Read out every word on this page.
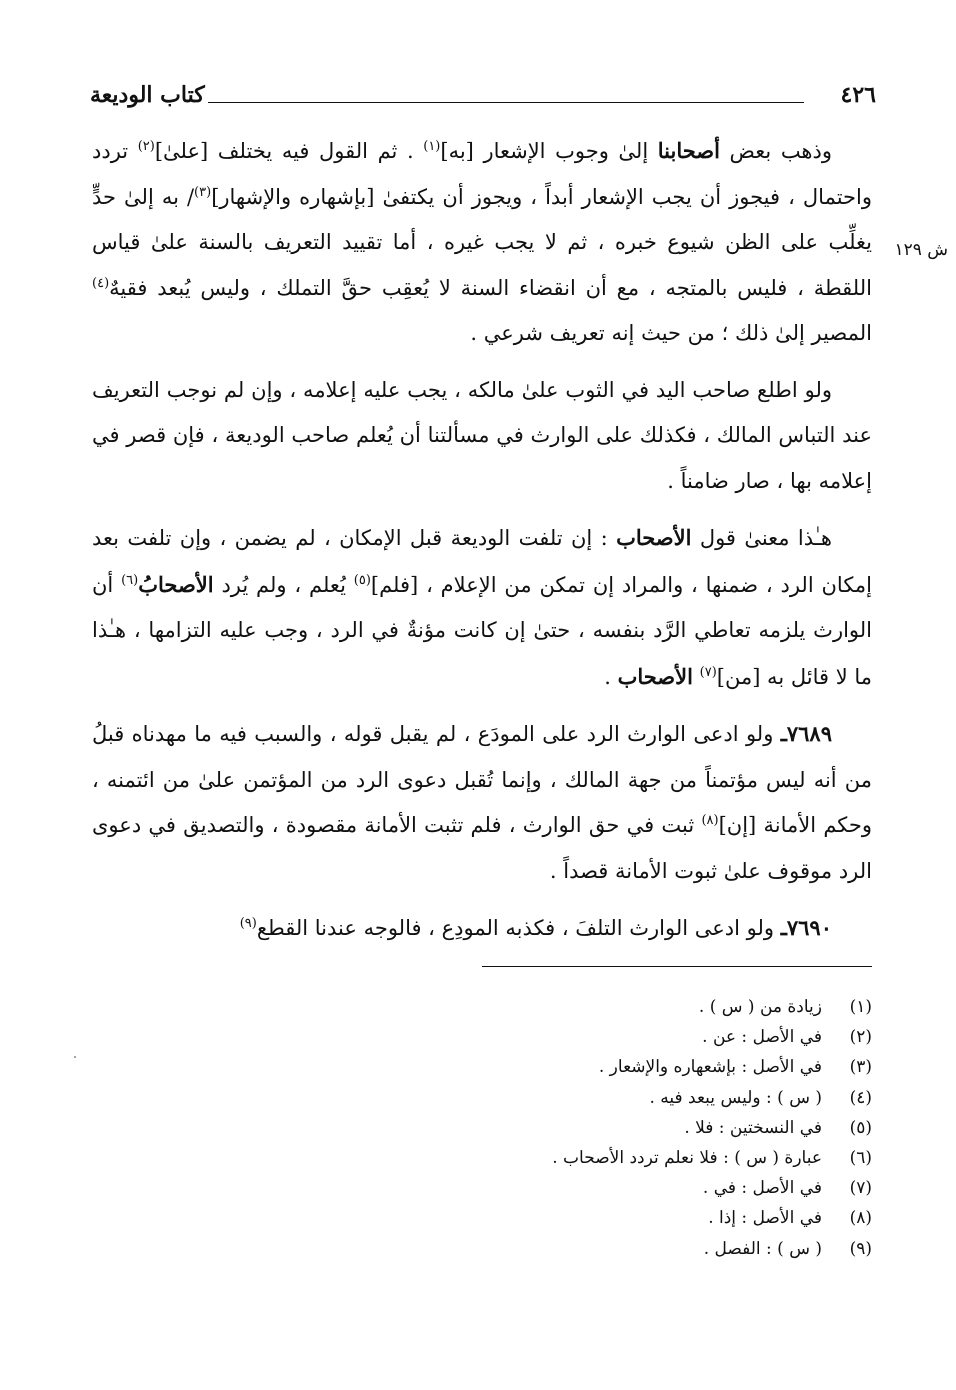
٤٢٦
كتاب الوديعة
ش ١٢٩

وذهب بعض أصحابنا إلىٰ وجوب الإشعار [به]$^{(١)}$ . ثم القول فيه يختلف [علىٰ]$^{(٢)}$ تردد واحتمال ، فيجوز أن يجب الإشعار أبداً ، ويجوز أن يكتفىٰ [بإشهاره والإشهار]$^{(٣)}$/ به إلىٰ حدٍّ يغلِّب على الظن شيوع خبره ، ثم لا يجب غيره ، أما تقييد التعريف بالسنة علىٰ قياس اللقطة ، فليس بالمتجه ، مع أن انقضاء السنة لا يُعقِب حقَّ التملك ، وليس يُبعد فقيهٌ$^{(٤)}$ المصير إلىٰ ذلك ؛ من حيث إنه تعريف شرعي .

ولو اطلع صاحب اليد في الثوب علىٰ مالكه ، يجب عليه إعلامه ، وإن لم نوجب التعريف عند التباس المالك ، فكذلك على الوارث في مسألتنا أن يُعلم صاحب الوديعة ، فإن قصر في إعلامه بها ، صار ضامناً .

هـٰذا معنىٰ قول الأصحاب : إن تلفت الوديعة قبل الإمكان ، لم يضمن ، وإن تلفت بعد إمكان الرد ، ضمنها ، والمراد إن تمكن من الإعلام ، [فلم]$^{(٥)}$ يُعلم ، ولم يُرد الأصحابُ$^{(٦)}$ أن الوارث يلزمه تعاطي الرَّد بنفسه ، حتىٰ إن كانت مؤنةٌ في الرد ، وجب عليه التزامها ، هـٰذا ما لا قائل به [من]$^{(٧)}$ الأصحاب .

٧٦٨٩ـ ولو ادعى الوارث الرد على المودَع ، لم يقبل قوله ، والسبب فيه ما مهدناه قبلُ من أنه ليس مؤتمناً من جهة المالك ، وإنما تُقبل دعوى الرد من المؤتمن علىٰ من ائتمنه ، وحكم الأمانة [إن]$^{(٨)}$ ثبت في حق الوارث ، فلم تثبت الأمانة مقصودة ، والتصديق في دعوى الرد موقوف علىٰ ثبوت الأمانة قصداً .

٧٦٩٠ـ ولو ادعى الوارث التلفَ ، فكذبه المودِع ، فالوجه عندنا القطع$^{(٩)}$

(١)
زيادة من ( س ) .
(٢)
في الأصل : عن .
(٣)
في الأصل : بإشعهاره والإشعار .
(٤)
( س ) : وليس يبعد فيه .
(٥)
في النسختين : فلا .
(٦)
عبارة ( س ) : فلا نعلم تردد الأصحاب .
(٧)
في الأصل : في .
(٨)
في الأصل : إذا .
(٩)
( س ) : الفصل .
